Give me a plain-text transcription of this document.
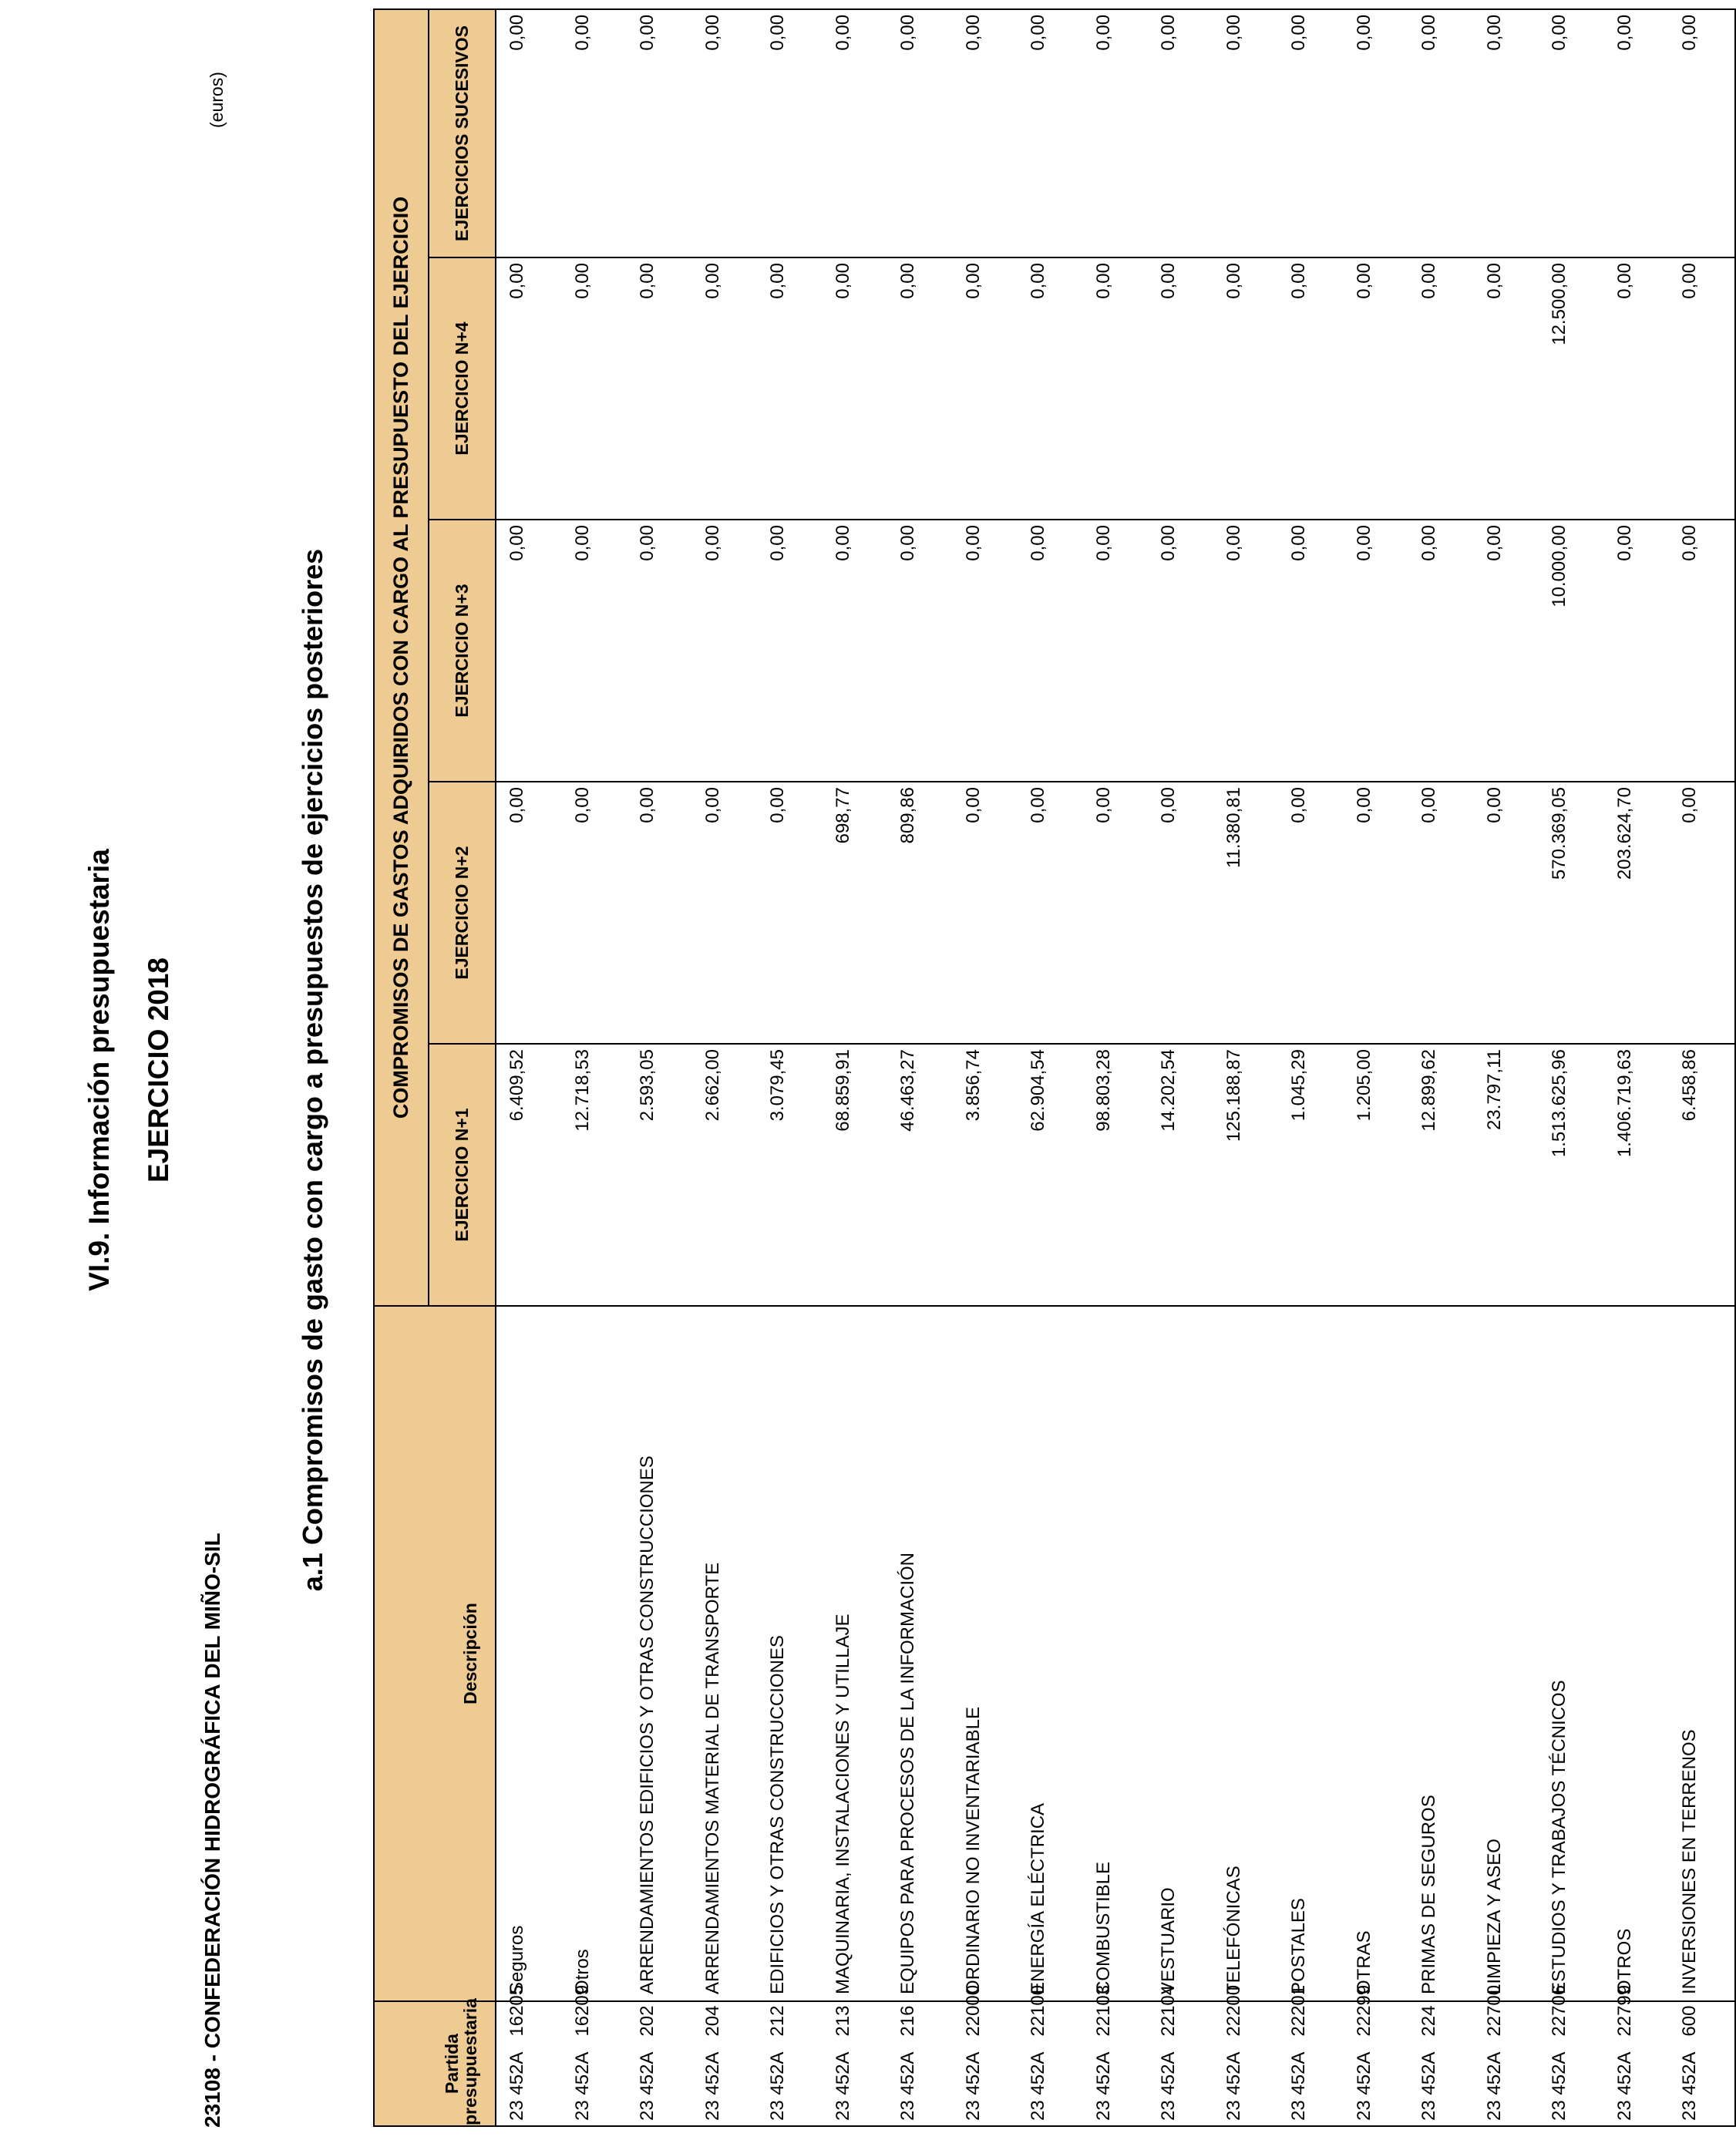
VI.9. Información presupuestaria EJERCICIO 2018
23108 - CONFEDERACIÓN HIDROGRÁFICA DEL MIÑO-SIL
a.1 Compromisos de gasto con cargo a presupuestos de ejercicios posteriores
(euros)
Partida presupuestaria	Descripción	COMPROMISOS DE GASTOS ADQUIRIDOS CON CARGO AL PRESUPUESTO DEL EJERCICIO				
		EJERCICIO N+1	EJERCICIO N+2	EJERCICIO N+3	EJERCICIO N+4	EJERCICIOS SUCESIVOS
23 452A16205	Seguros	6.409,52	0,00	0,00	0,00	0,00
23 452A16209	Otros	12.718,53	0,00	0,00	0,00	0,00
23 452A202	ARRENDAMIENTOS EDIFICIOS Y OTRAS CONSTRUCCIONES	2.593,05	0,00	0,00	0,00	0,00
23 452A204	ARRENDAMIENTOS MATERIAL DE TRANSPORTE	2.662,00	0,00	0,00	0,00	0,00
23 452A212	EDIFICIOS Y OTRAS CONSTRUCCIONES	3.079,45	0,00	0,00	0,00	0,00
23 452A213	MAQUINARIA, INSTALACIONES Y UTILLAJE	68.859,91	698,77	0,00	0,00	0,00
23 452A216	EQUIPOS PARA PROCESOS DE LA INFORMACIÓN	46.463,27	809,86	0,00	0,00	0,00
23 452A22000	ORDINARIO NO INVENTARIABLE	3.856,74	0,00	0,00	0,00	0,00
23 452A22100	ENERGÍA ELÉCTRICA	62.904,54	0,00	0,00	0,00	0,00
23 452A22103	COMBUSTIBLE	98.803,28	0,00	0,00	0,00	0,00
23 452A22104	VESTUARIO	14.202,54	0,00	0,00	0,00	0,00
23 452A22200	TELEFÓNICAS	125.188,87	11.380,81	0,00	0,00	0,00
23 452A22201	POSTALES	1.045,29	0,00	0,00	0,00	0,00
23 452A22299	OTRAS	1.205,00	0,00	0,00	0,00	0,00
23 452A224	PRIMAS DE SEGUROS	12.899,62	0,00	0,00	0,00	0,00
23 452A22700	LIMPIEZA Y ASEO	23.797,11	0,00	0,00	0,00	0,00
23 452A22706	ESTUDIOS Y TRABAJOS TÉCNICOS	1.513.625,96	570.369,05	10.000,00	12.500,00	0,00
23 452A22799	OTROS	1.406.719,63	203.624,70	0,00	0,00	0,00
23 452A600	INVERSIONES EN TERRENOS	6.458,86	0,00	0,00	0,00	0,00
